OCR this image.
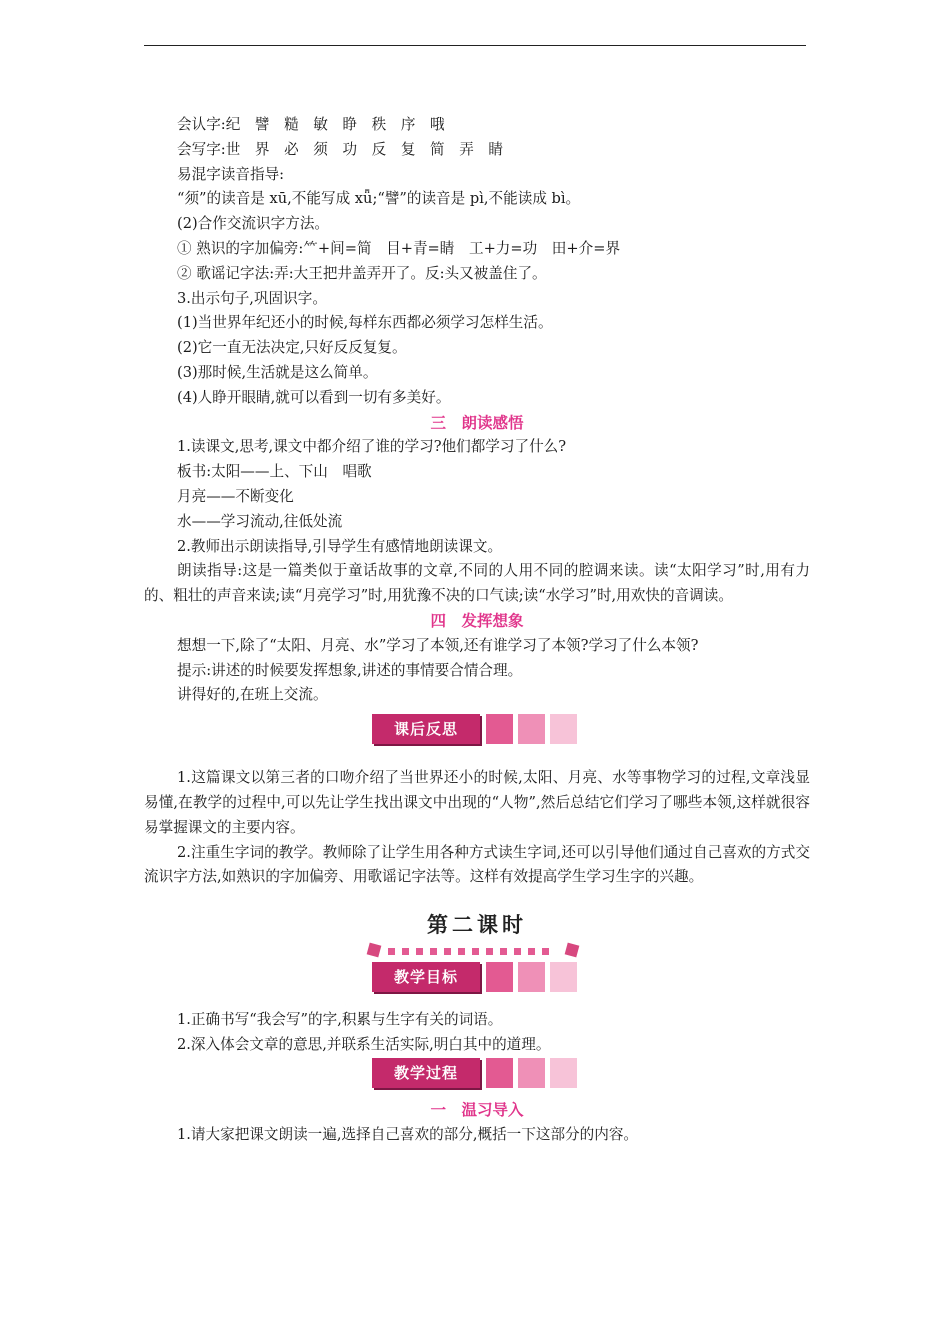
会认字:纪　譬　糙　敏　睁　秩　序　哦
会写字:世　界　必　须　功　反　复　简　弄　睛
易混字读音指导:
“须”的读音是 xū,不能写成 xǖ;“譬”的读音是 pì,不能读成 bì。
(2)合作交流识字方法。
① 熟识的字加偏旁:⺮+间=简　目+青=睛　工+力=功　田+介=界
② 歌谣记字法:弄:大王把井盖弄开了。反:头又被盖住了。
3.出示句子,巩固识字。
(1)当世界年纪还小的时候,每样东西都必须学习怎样生活。
(2)它一直无法决定,只好反反复复。
(3)那时候,生活就是这么简单。
(4)人睁开眼睛,就可以看到一切有多美好。
三　朗读感悟
1.读课文,思考,课文中都介绍了谁的学习?他们都学习了什么?
板书:太阳——上、下山　唱歌
月亮——不断变化
水——学习流动,往低处流
2.教师出示朗读指导,引导学生有感情地朗读课文。
朗读指导:这是一篇类似于童话故事的文章,不同的人用不同的腔调来读。读“太阳学习”时,用有力的、粗壮的声音来读;读“月亮学习”时,用犹豫不决的口气读;读“水学习”时,用欢快的音调读。
四　发挥想象
想想一下,除了“太阳、月亮、水”学习了本领,还有谁学习了本领?学习了什么本领?
提示:讲述的时候要发挥想象,讲述的事情要合情合理。
讲得好的,在班上交流。
课后反思
1.这篇课文以第三者的口吻介绍了当世界还小的时候,太阳、月亮、水等事物学习的过程,文章浅显易懂,在教学的过程中,可以先让学生找出课文中出现的“人物”,然后总结它们学习了哪些本领,这样就很容易掌握课文的主要内容。
2.注重生字词的教学。教师除了让学生用各种方式读生字词,还可以引导他们通过自己喜欢的方式交流识字方法,如熟识的字加偏旁、用歌谣记字法等。这样有效提高学生学习生字的兴趣。
第二课时
教学目标
1.正确书写“我会写”的字,积累与生字有关的词语。
2.深入体会文章的意思,并联系生活实际,明白其中的道理。
教学过程
一　温习导入
1.请大家把课文朗读一遍,选择自己喜欢的部分,概括一下这部分的内容。
